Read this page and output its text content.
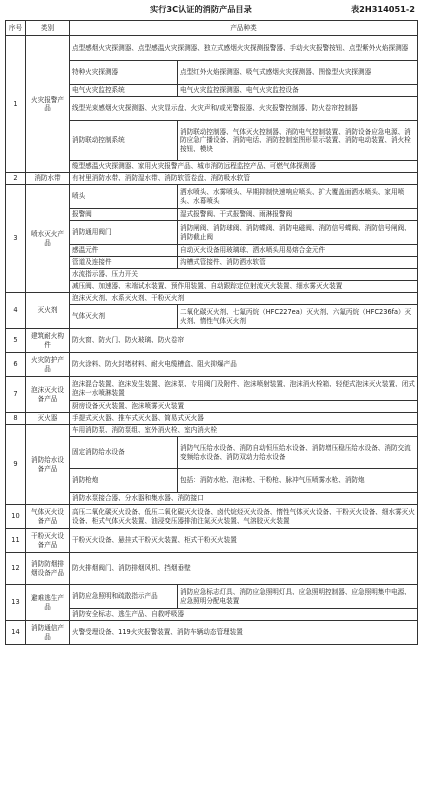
实行3C认证的消防产品目录	表2H314051-2
序号	类别	产品种类	
1	火灾报警产品	点型感烟火灾探测器、点型感温火灾探测器、独立式感烟火灾探测报警器、手动火灾报警按钮、点型紫外火焰探测器	
		特种火灾探测器	点型红外火焰探测器、吸气式感烟火灾探测器、图像型火灾探测器
		电气火灾监控系统	电气火灾监控探测器、电气火灾监控设备
		线型光束感烟火灾探测器、火灾显示盘、火灾声和/或光警报器、火灾报警控制器、防火卷帘控制器	
		消防联动控制系统	消防联动控制器、气体灭火控制器、消防电气控制装置、消防设备应急电源、消防应急广播设备、消防电话、消防控制室图形显示装置、消防电动装置、消火栓按钮、模块
		缆型感温火灾探测器、家用火灾报警产品、城市消防远程监控产品、可燃气体探测器	
2	消防水带	有衬里消防水带、消防湿水带、消防软管卷盘、消防吸水软管	
3	喷水灭火产品	喷头	洒水喷头、水雾喷头、早期抑制快速响应喷头、扩大覆盖面洒水喷头、家用喷头、水幕喷头
		报警阀	湿式报警阀、干式报警阀、雨淋报警阀
		消防通用阀门	消防闸阀、消防球阀、消防蝶阀、消防电磁阀、消防信号蝶阀、消防信号闸阀、消防截止阀
		感温元件	自动灭火设备用玻璃球、洒水喷头用易熔合金元件
		管道及连接件	沟槽式管接件、消防洒水软管
		水流指示器、压力开关	
		减压阀、加速器、末端试水装置、预作用装置、自动跟踪定位射流灭火装置、细水雾灭火装置	
4	灭火剂	泡沫灭火剂、水系灭火剂、干粉灭火剂	
		气体灭火剂	二氧化碳灭火剂、七氟丙烷（HFC227ea）灭火剂、六氟丙烷（HFC236fa）灭火剂、惰性气体灭火剂
5	建筑耐火构件	防火窗、防火门、防火玻璃、防火卷帘	
6	火灾防护产品	防火涂料、防火封堵材料、耐火电缆槽盒、阻火抑爆产品	
7	泡沫灭火设备产品	泡沫混合装置、泡沫发生装置、泡沫泵、专用阀门及附件、泡沫喷射装置、泡沫消火栓箱、轻便式泡沫灭火装置、闭式泡沫一水喷淋装置	
		厨房设备灭火装置、泡沫喷雾灭火装置	
8	灭火器	手提式灭火器、推车式灭火器、简易式灭火器	
9	消防给水设备产品	车用消防泵、消防泵组、室外消火栓、室内消火栓	
		固定消防给水设备	消防气压给水设备、消防自动恒压给水设备、消防增压稳压给水设备、消防交流变频给水设备、消防双动力给水设备
		消防枪炮	包括：消防水枪、泡沫枪、干粉枪、脉冲气压喷雾水枪、消防炮
		消防水泵接合器、分水器和集水器、消防接口	
10	气体灭火设备产品	高压二氧化碳灭火设备、低压二氧化碳灭火设备、卤代烷烃灭火设备、惰性气体灭火设备、干粉灭火设备、细水雾灭火设备、柜式气体灭火装置、油浸变压器排油注氮灭火装置、气溶胶灭火装置	
11	干粉灭火设备产品	干粉灭火设备、悬挂式干粉灭火装置、柜式干粉灭火装置	
12	消防防烟排烟设备产品	防火排烟阀门、消防排烟风机、挡烟垂壁	
13	避难逃生产品	消防应急照明和疏散指示产品	消防应急标志灯具、消防应急照明灯具、应急照明控制器、应急照明集中电源、应急照明分配电装置
		消防安全标志、逃生产品、自救呼吸器	
14	消防通信产品	火警受理设备、119火灾报警装置、消防车辆动态管理装置	
